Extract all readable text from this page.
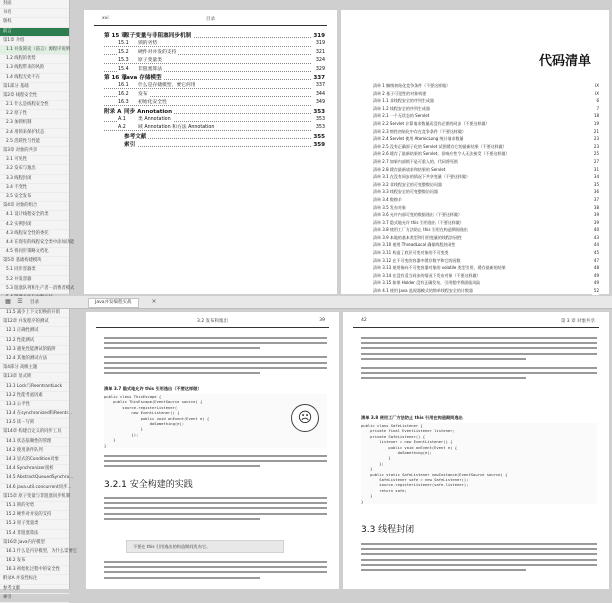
封面
书名
版权
前言
第1章 介绍
1.1 并发简史（前言）源程序说明
1.2 线程的优势
1.3 线程带来的风险
1.4 线程无处不在
第1部分 基础
第2章 线程安全性
2.1 什么是线程安全性
2.2 原子性
2.3 加锁机制
2.4 用锁来保护状态
2.5 活跃性与性能
第3章 对象的共享
3.1 可见性
3.2 发布与逸出
3.3 线程封闭
3.4 不变性
3.5 安全发布
第4章 对象的组合
4.1 设计线程安全的类
4.2 实例封闭
4.3 线程安全性的委托
4.4 在现有的线程安全类中添加功能
4.5 将同步策略文档化
第5章 基础构建模块
5.1 同步容器类
5.2 并发容器
5.3 阻塞队列和生产者－消费者模式
xvi	目录
第 15 章原子变量与非阻塞同步机制	319
15.1 锁的劣势	319
15.2 硬件对并发的支持	321
15.3 原子变量类	324
15.4 非阻塞算法	329
第 16 章Java 存储模型	337
16.1 什么是存储模型，要它何用	337
16.2 发布	344
16.3 初始化安全性	349
附录 A 同步 Annotation	353
A.1	类 Annotation	353
A.2	域 Annotation 和方法 Annotation	353
参考文献	355
索引	359
代码清单
清单 1 懒惰初始化竞争条件（不要这样做）	IX
清单 2 基于可见性的对象构建	IX
清单 1.1 非线程安全的序列生成器	6
清单 1.2 线程安全的序列生成器	7
清单 2.1 一个无状态的 Servlet	18
清单 2.2 Servlet 计算请求数量而没有必要的同步（不要这样做）	19
清单 2.3 惰性初始化中存在竞争条件（不要这样做）	21
清单 2.4 Servlet 使用 AtomicLong 统计请求数量	23
清单 2.5 没有正确原子化的 Servlet 试图缓存它的最新结果（不要这样做）	23
清单 2.6 缓存了最新结果的 Servlet，但响应性令人无法接受（不要这样做）	25
清单 2.7 如果内部锁不是可重入的，代码将死锁	27
清单 2.8 缓存最新请求和结果的 Servlet	31
清单 3.1 在没有同步的情况下共享变量（不要这样做）	34
清单 3.2 非线程安全的可变整数访问器	35
清单 3.3 线程安全的可变整数访问器	36
清单 3.4 数绵羊	37
清单 3.5 发布对象	38
清单 3.6 允许内部可变的数据逸出（不要这样做）	39
清单 3.7 隐式地允许 this 引用逸出（不要这样做）	39
清单 3.8 使用工厂方法防止 this 引用在构造期间逸出	40
清单 3.9 本地的基本类型和引用变量的线程封闭性	43
清单 3.10 使用 ThreadLocal 确保线程封闭性	44
清单 3.11 构造了底层可变对象的不可变类	45
清单 3.12 在不可变的容器中缓存数字和它的因数	47
清单 3.13 使用指向不可变容器对象的 volatile 类型引用，缓存最新的结果	48
清单 3.14 在没有适当同步的情况下发布对象（不要这样做）	49
清单 3.15 如果 Holder 没有正确发布，引用程序将面临风险	49
清单 4.1 使用 Java 监视器模式的简单线程安全的计数器	52
▦ ☰ 目录	Java并发编程实战	×
11.5 减少上下文切换的开销
第12章 并发程序的测试
12.1 正确性测试
12.2 性能测试
12.3 避免性能测试的陷阱
12.4 其他的测试方法
第4部分 高级主题
第13章 显式锁
13.1 Lock与ReentrantLock
13.2 性能考虑因素
13.3 公平性
13.4 在synchronized和Reentr...
13.5 读－写锁
第14章 构建自定义的同步工具
14.1 状态依赖性的管理
14.2 使用条件队列
14.3 显式的Condition对象
14.4 Synchronizer剖析
14.5 AbstractQueuedSynchro...
14.6 java.util.concurrent同步...
第15章 原子变量与非阻塞同步机制
15.1 锁的劣势
15.2 硬件对并发的支持
15.3 原子变量类
15.4 非阻塞算法
第16章 Java内存模型
16.1 什么是内存模型，为什么需要它
16.2 发布
16.3 初始化过程中的安全性
附录A 并发性标注
参考文献
索引
3.2 发布和逸出	39
清单 3.7 隐式地允许 this 引用逸出（不要这样做）
public class ThisEscape {
public ThisEscape(EventSource source) {
source.registerListener(
new EventListener() {
public void onEvent(Event e) {
doSomething(e);
}
});
}
}
☹
3.2.1 安全构建的实践
不要在 this 引用逸出的构造期间发布它。
42	第 3 章 对象共享
清单 3.8 使用工厂方法防止 this 引用在构造期间逸出
public class SafeListener {
private final EventListener listener;
private SafeListener() {
listener = new EventListener() {
public void onEvent(Event e) {
doSomething(e);
}
};
}
public static SafeListener newInstance(EventSource source) {
SafeListener safe = new SafeListener();
source.registerListener(safe.listener);
return safe;
}
}
3.3 线程封闭
